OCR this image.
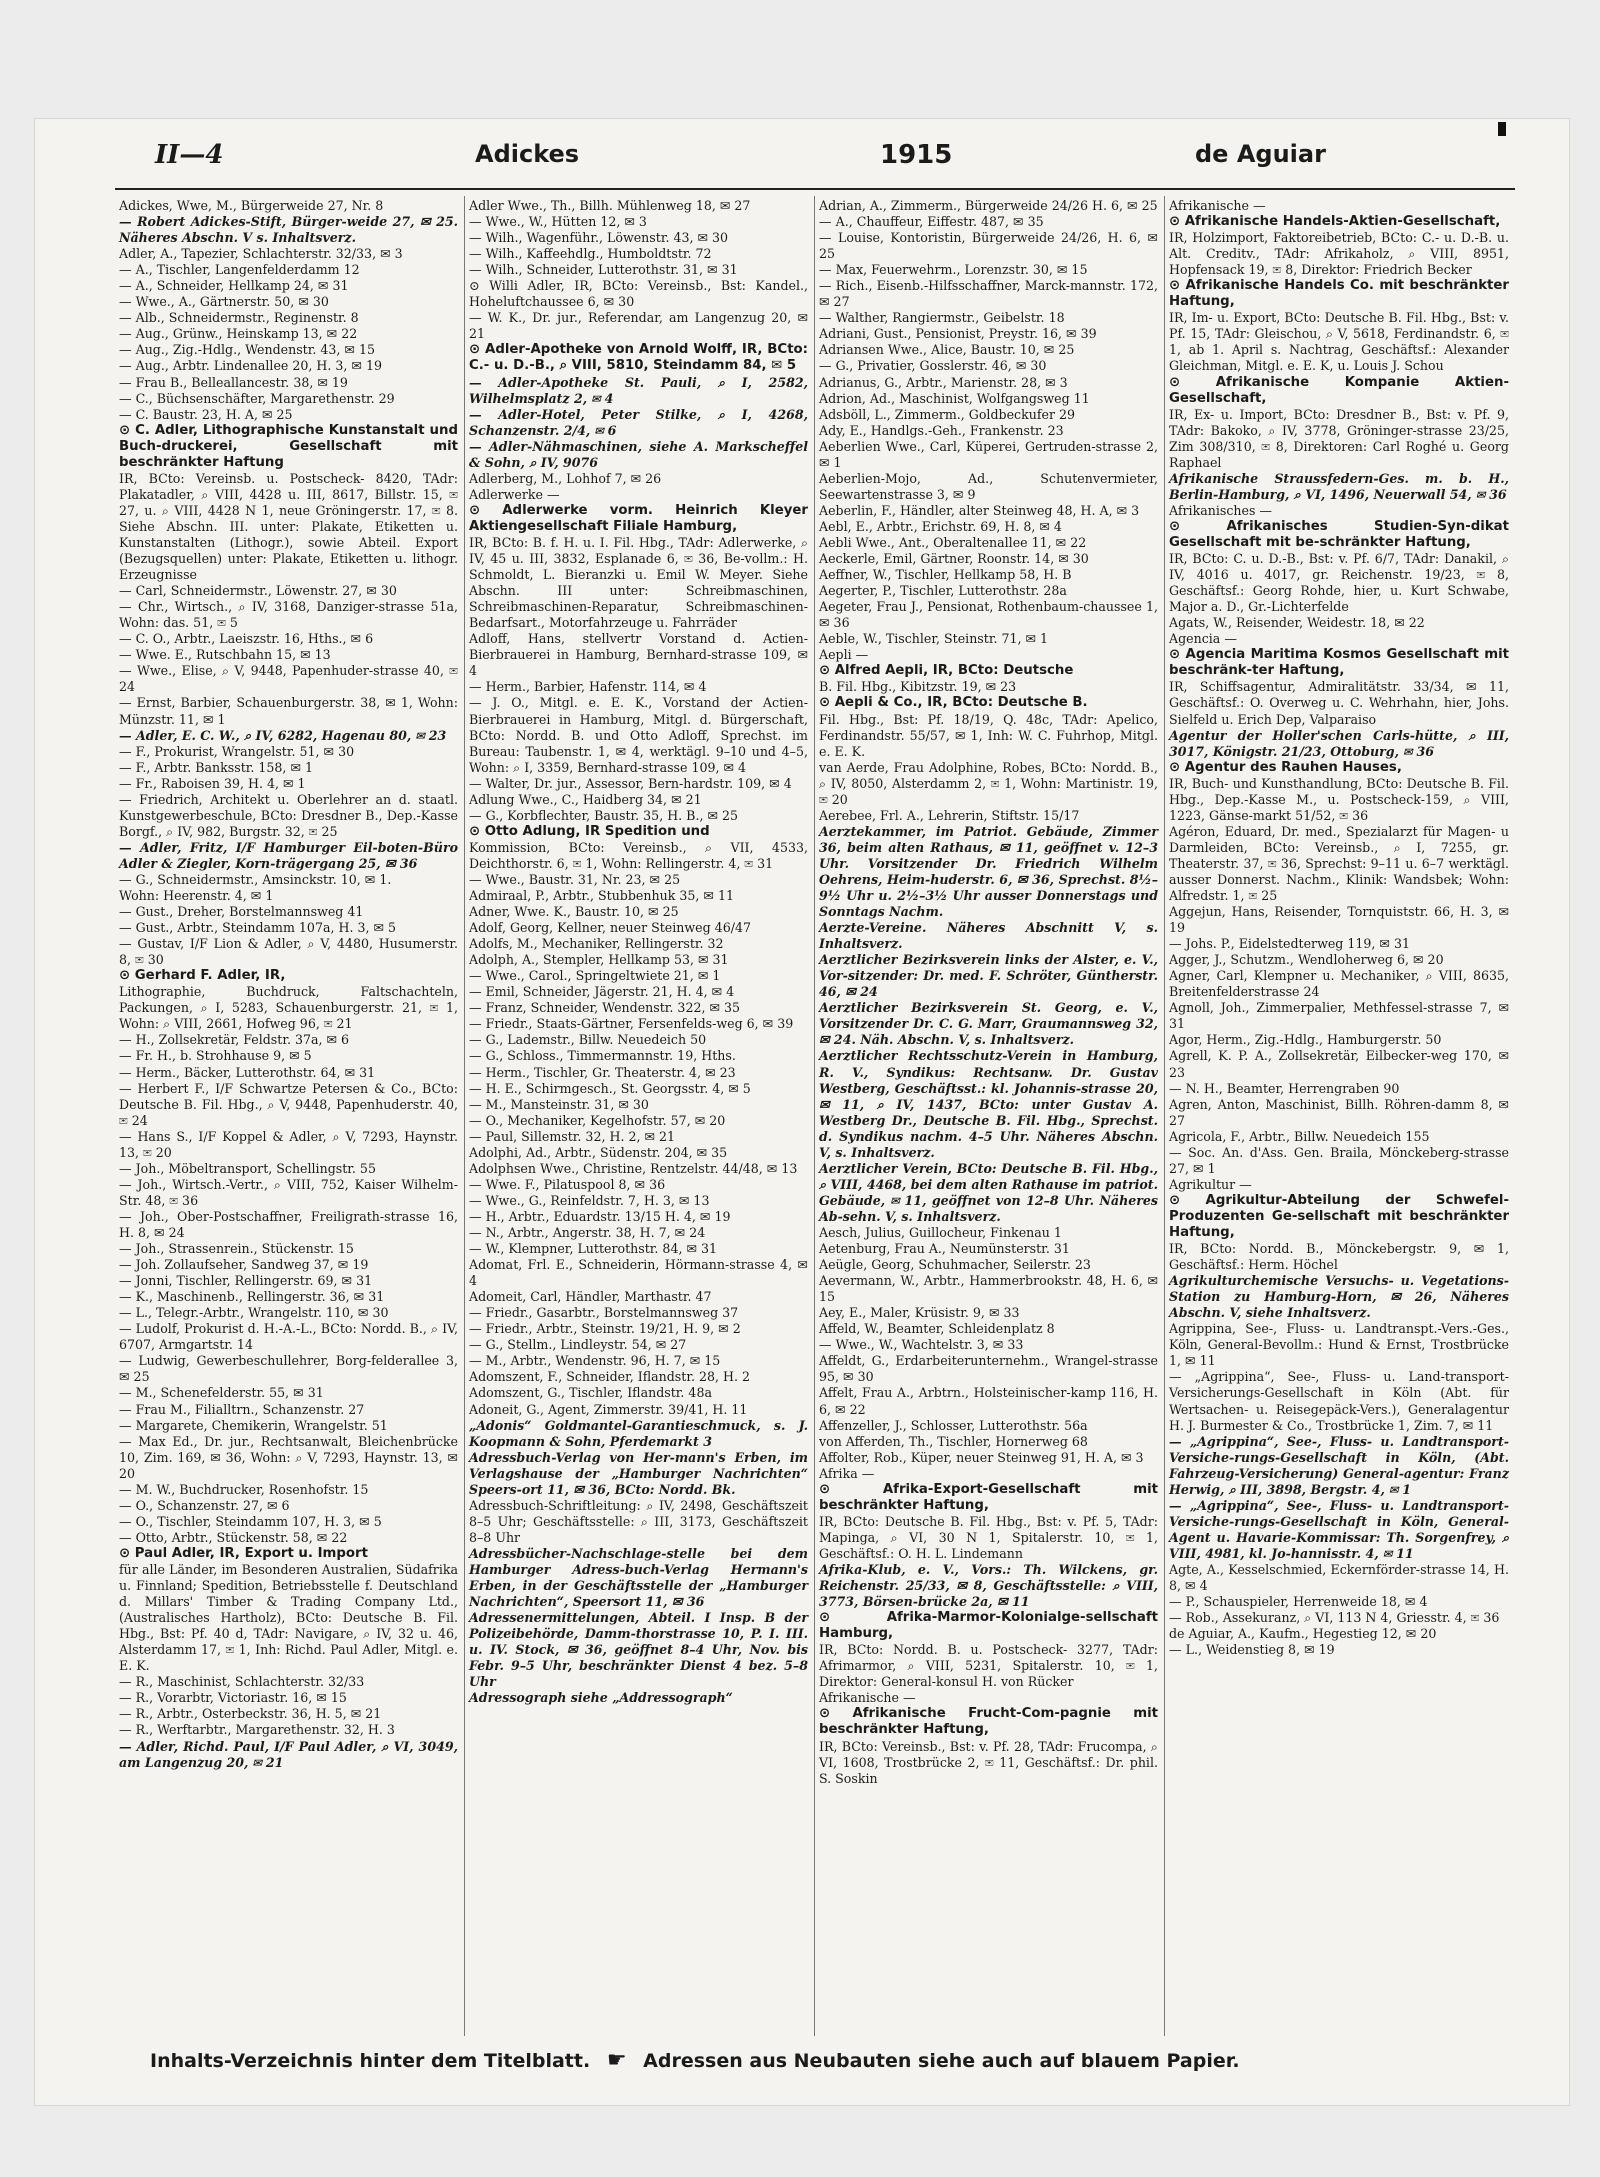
II—4	Adickes	1915	de Aguiar

Adickes, Wwe, M., Bürgerweide 27, Nr. 8

— Robert Adickes-Stift, Bürger-weide 27, ✉ 25. Näheres Abschn. V s. Inhaltsverz.

Adler, A., Tapezier, Schlachterstr. 32/33, ✉ 3

— A., Tischler, Langenfelderdamm 12

— A., Schneider, Hellkamp 24, ✉ 31

— Wwe., A., Gärtnerstr. 50, ✉ 30

— Alb., Schneidermstr., Reginenstr. 8

— Aug., Grünw., Heinskamp 13, ✉ 22

— Aug., Zig.-Hdlg., Wendenstr. 43, ✉ 15

— Aug., Arbtr. Lindenallee 20, H. 3, ✉ 19

— Frau B., Belleallancestr. 38, ✉ 19

— C., Büchsenschäfter, Margarethenstr. 29

— C. Baustr. 23, H. A, ✉ 25

⊙ C. Adler, Lithographische Kunstanstalt und Buch-druckerei, Gesellschaft mit beschränkter Haftung

IR, BCto: Vereinsb. u. Postscheck- 8420, TAdr: Plakatadler, ⌕ VIII, 4428 u. III, 8617, Billstr. 15, ✉ 27, u. ⌕ VIII, 4428 N 1, neue Gröningerstr. 17, ✉ 8. Siehe Abschn. III. unter: Plakate, Etiketten u. Kunstanstalten (Lithogr.), sowie Abteil. Export (Bezugsquellen) unter: Plakate, Etiketten u. lithogr. Erzeugnisse

— Carl, Schneidermstr., Löwenstr. 27, ✉ 30

— Chr., Wirtsch., ⌕ IV, 3168, Danziger-strasse 51a, Wohn: das. 51, ✉ 5

— C. O., Arbtr., Laeiszstr. 16, Hths., ✉ 6

— Wwe. E., Rutschbahn 15, ✉ 13

— Wwe., Elise, ⌕ V, 9448, Papenhuder-strasse 40, ✉ 24

— Ernst, Barbier, Schauenburgerstr. 38, ✉ 1, Wohn: Münzstr. 11, ✉ 1

— Adler, E. C. W., ⌕ IV, 6282, Hagenau 80, ✉ 23

— F., Prokurist, Wrangelstr. 51, ✉ 30

— F., Arbtr. Banksstr. 158, ✉ 1

— Fr., Raboisen 39, H. 4, ✉ 1

— Friedrich, Architekt u. Oberlehrer an d. staatl. Kunstgewerbeschule, BCto: Dresdner B., Dep.-Kasse Borgf., ⌕ IV, 982, Burgstr. 32, ✉ 25

— Adler, Fritz, I/F Hamburger Eil-boten-Büro Adler & Ziegler, Korn-trägergang 25, ✉ 36

— G., Schneidermstr., Amsinckstr. 10, ✉ 1.

Wohn: Heerenstr. 4, ✉ 1

— Gust., Dreher, Borstelmannsweg 41

— Gust., Arbtr., Steindamm 107a, H. 3, ✉ 5

— Gustav, I/F Lion & Adler, ⌕ V, 4480, Husumerstr. 8, ✉ 30

⊙ Gerhard F. Adler, IR,

Lithographie, Buchdruck, Faltschachteln, Packungen, ⌕ I, 5283, Schauenburgerstr. 21, ✉ 1, Wohn: ⌕ VIII, 2661, Hofweg 96, ✉ 21

— H., Zollsekretär, Feldstr. 37a, ✉ 6

— Fr. H., b. Strohhause 9, ✉ 5

— Herm., Bäcker, Lutterothstr. 64, ✉ 31

— Herbert F., I/F Schwartze Petersen & Co., BCto: Deutsche B. Fil. Hbg., ⌕ V, 9448, Papenhuderstr. 40, ✉ 24

— Hans S., I/F Koppel & Adler, ⌕ V, 7293, Haynstr. 13, ✉ 20

— Joh., Möbeltransport, Schellingstr. 55

— Joh., Wirtsch.-Vertr., ⌕ VIII, 752, Kaiser Wilhelm-Str. 48, ✉ 36

— Joh., Ober-Postschaffner, Freiligrath-strasse 16, H. 8, ✉ 24

— Joh., Strassenrein., Stückenstr. 15

— Joh. Zollaufseher, Sandweg 37, ✉ 19

— Jonni, Tischler, Rellingerstr. 69, ✉ 31

— K., Maschinenb., Rellingerstr. 36, ✉ 31

— L., Telegr.-Arbtr., Wrangelstr. 110, ✉ 30

— Ludolf, Prokurist d. H.-A.-L., BCto: Nordd. B., ⌕ IV, 6707, Armgartstr. 14

— Ludwig, Gewerbeschullehrer, Borg-felderallee 3, ✉ 25

— M., Schenefelderstr. 55, ✉ 31

— Frau M., Filialltrn., Schanzenstr. 27

— Margarete, Chemikerin, Wrangelstr. 51

— Max Ed., Dr. jur., Rechtsanwalt, Bleichenbrücke 10, Zim. 169, ✉ 36, Wohn: ⌕ V, 7293, Haynstr. 13, ✉ 20

— M. W., Buchdrucker, Rosenhofstr. 15

— O., Schanzenstr. 27, ✉ 6

— O., Tischler, Steindamm 107, H. 3, ✉ 5

— Otto, Arbtr., Stückenstr. 58, ✉ 22

⊙ Paul Adler, IR, Export u. Import

für alle Länder, im Besonderen Australien, Südafrika u. Finnland; Spedition, Betriebsstelle f. Deutschland d. Millars' Timber & Trading Company Ltd., (Australisches Hartholz), BCto: Deutsche B. Fil. Hbg., Bst: Pf. 40 d, TAdr: Navigare, ⌕ IV, 32 u. 46, Alsterdamm 17, ✉ 1, Inh: Richd. Paul Adler, Mitgl. e. E. K.

— R., Maschinist, Schlachterstr. 32/33

— R., Vorarbtr, Victoriastr. 16, ✉ 15

— R., Arbtr., Osterbeckstr. 36, H. 5, ✉ 21

— R., Werftarbtr., Margarethenstr. 32, H. 3

— Adler, Richd. Paul, I/F Paul Adler, ⌕ VI, 3049, am Langenzug 20, ✉ 21

Adler Wwe., Th., Billh. Mühlenweg 18, ✉ 27

— Wwe., W., Hütten 12, ✉ 3

— Wilh., Wagenführ., Löwenstr. 43, ✉ 30

— Wilh., Kaffeehdlg., Humboldtstr. 72

— Wilh., Schneider, Lutterothstr. 31, ✉ 31

⊙ Willi Adler, IR, BCto: Vereinsb., Bst: Kandel., Hoheluftchaussee 6, ✉ 30

— W. K., Dr. jur., Referendar, am Langenzug 20, ✉ 21

⊙ Adler-Apotheke von Arnold Wolff, IR, BCto: C.- u. D.-B., ⌕ VIII, 5810, Steindamm 84, ✉ 5

— Adler-Apotheke St. Pauli, ⌕ I, 2582, Wilhelmsplatz 2, ✉ 4

— Adler-Hotel, Peter Stilke, ⌕ I, 4268, Schanzenstr. 2/4, ✉ 6

— Adler-Nähmaschinen, siehe A. Markscheffel & Sohn, ⌕ IV, 9076

Adlerberg, M., Lohhof 7, ✉ 26

Adlerwerke —

⊙ Adlerwerke vorm. Heinrich Kleyer Aktiengesellschaft Filiale Hamburg,

IR, BCto: B. f. H. u. I. Fil. Hbg., TAdr: Adlerwerke, ⌕ IV, 45 u. III, 3832, Esplanade 6, ✉ 36, Be-vollm.: H. Schmoldt, L. Bieranzki u. Emil W. Meyer. Siehe Abschn. III unter: Schreibmaschinen, Schreibmaschinen-Reparatur, Schreibmaschinen-Bedarfsart., Motorfahrzeuge u. Fahrräder

Adloff, Hans, stellvertr Vorstand d. Actien-Bierbrauerei in Hamburg, Bernhard-strasse 109, ✉ 4

— Herm., Barbier, Hafenstr. 114, ✉ 4

— J. O., Mitgl. e. E. K., Vorstand der Actien-Bierbrauerei in Hamburg, Mitgl. d. Bürgerschaft, BCto: Nordd. B. und Otto Adloff, Sprechst. im Bureau: Taubenstr. 1, ✉ 4, werktägl. 9–10 und 4–5, Wohn: ⌕ I, 3359, Bernhard-strasse 109, ✉ 4

— Walter, Dr. jur., Assessor, Bern-hardstr. 109, ✉ 4

Adlung Wwe., C., Haidberg 34, ✉ 21

— G., Korbflechter, Baustr. 35, H. B., ✉ 25

⊙ Otto Adlung, IR Spedition und

Kommission, BCto: Vereinsb., ⌕ VII, 4533, Deichthorstr. 6, ✉ 1, Wohn: Rellingerstr. 4, ✉ 31

— Wwe., Baustr. 31, Nr. 23, ✉ 25

Admiraal, P., Arbtr., Stubbenhuk 35, ✉ 11

Adner, Wwe. K., Baustr. 10, ✉ 25

Adolf, Georg, Kellner, neuer Steinweg 46/47

Adolfs, M., Mechaniker, Rellingerstr. 32

Adolph, A., Stempler, Hellkamp 53, ✉ 31

— Wwe., Carol., Springeltwiete 21, ✉ 1

— Emil, Schneider, Jägerstr. 21, H. 4, ✉ 4

— Franz, Schneider, Wendenstr. 322, ✉ 35

— Friedr., Staats-Gärtner, Fersenfelds-weg 6, ✉ 39

— G., Lademstr., Billw. Neuedeich 50

— G., Schloss., Timmermannstr. 19, Hths.

— Herm., Tischler, Gr. Theaterstr. 4, ✉ 23

— H. E., Schirmgesch., St. Georgsstr. 4, ✉ 5

— M., Mansteinstr. 31, ✉ 30

— O., Mechaniker, Kegelhofstr. 57, ✉ 20

— Paul, Sillemstr. 32, H. 2, ✉ 21

Adolphi, Ad., Arbtr., Südenstr. 204, ✉ 35

Adolphsen Wwe., Christine, Rentzelstr. 44/48, ✉ 13

— Wwe. F., Pilatuspool 8, ✉ 36

— Wwe., G., Reinfeldstr. 7, H. 3, ✉ 13

— H., Arbtr., Eduardstr. 13/15 H. 4, ✉ 19

— N., Arbtr., Angerstr. 38, H. 7, ✉ 24

— W., Klempner, Lutterothstr. 84, ✉ 31

Adomat, Frl. E., Schneiderin, Hörmann-strasse 4, ✉ 4

Adomeit, Carl, Händler, Marthastr. 47

— Friedr., Gasarbtr., Borstelmannsweg 37

— Friedr., Arbtr., Steinstr. 19/21, H. 9, ✉ 2

— G., Stellm., Lindleystr. 54, ✉ 27

— M., Arbtr., Wendenstr. 96, H. 7, ✉ 15

Adomszent, F., Schneider, Iflandstr. 28, H. 2

Adomszent, G., Tischler, Iflandstr. 48a

Adoneit, G., Agent, Zimmerstr. 39/41, H. 11

„Adonis“ Goldmantel-Garantieschmuck, s. J. Koopmann & Sohn, Pferdemarkt 3

Adressbuch-Verlag von Her-mann's Erben, im Verlagshause der „Hamburger Nachrichten“ Speers-ort 11, ✉ 36, BCto: Nordd. Bk.

Adressbuch-Schriftleitung: ⌕ IV, 2498, Geschäftszeit 8–5 Uhr; Geschäftsstelle: ⌕ III, 3173, Geschäftszeit 8–8 Uhr

Adressbücher-Nachschlage-stelle bei dem Hamburger Adress-buch-Verlag Hermann's Erben, in der Geschäftsstelle der „Hamburger Nachrichten“, Speersort 11, ✉ 36

Adressenermittelungen, Abteil. I Insp. B der Polizeibehörde, Damm-thorstrasse 10, P. I. III. u. IV. Stock, ✉ 36, geöffnet 8–4 Uhr, Nov. bis Febr. 9–5 Uhr, beschränkter Dienst 4 bez. 5–8 Uhr

Adressograph siehe „Addressograph“

Adrian, A., Zimmerm., Bürgerweide 24/26 H. 6, ✉ 25

— A., Chauffeur, Eiffestr. 487, ✉ 35

— Louise, Kontoristin, Bürgerweide 24/26, H. 6, ✉ 25

— Max, Feuerwehrm., Lorenzstr. 30, ✉ 15

— Rich., Eisenb.-Hilfsschaffner, Marck-mannstr. 172, ✉ 27

— Walther, Rangiermstr., Geibelstr. 18

Adriani, Gust., Pensionist, Preystr. 16, ✉ 39

Adriansen Wwe., Alice, Baustr. 10, ✉ 25

— G., Privatier, Gosslerstr. 46, ✉ 30

Adrianus, G., Arbtr., Marienstr. 28, ✉ 3

Adrion, Ad., Maschinist, Wolfgangsweg 11

Adsböll, L., Zimmerm., Goldbeckufer 29

Ady, E., Handlgs.-Geh., Frankenstr. 23

Aeberlien Wwe., Carl, Küperei, Gertruden-strasse 2, ✉ 1

Aeberlien-Mojo, Ad., Schutenvermieter, Seewartenstrasse 3, ✉ 9

Aeberlin, F., Händler, alter Steinweg 48, H. A, ✉ 3

Aebl, E., Arbtr., Erichstr. 69, H. 8, ✉ 4

Aebli Wwe., Ant., Oberaltenallee 11, ✉ 22

Aeckerle, Emil, Gärtner, Roonstr. 14, ✉ 30

Aeffner, W., Tischler, Hellkamp 58, H. B

Aegerter, P., Tischler, Lutterothstr. 28a

Aegeter, Frau J., Pensionat, Rothenbaum-chaussee 1, ✉ 36

Aeble, W., Tischler, Steinstr. 71, ✉ 1

Aepli —

⊙ Alfred Aepli, IR, BCto: Deutsche

B. Fil. Hbg., Kibitzstr. 19, ✉ 23

⊙ Aepli & Co., IR, BCto: Deutsche B.

Fil. Hbg., Bst: Pf. 18/19, Q. 48c, TAdr: Apelico, Ferdinandstr. 55/57, ✉ 1, Inh: W. C. Fuhrhop, Mitgl. e. E. K.

van Aerde, Frau Adolphine, Robes, BCto: Nordd. B., ⌕ IV, 8050, Alsterdamm 2, ✉ 1, Wohn: Martinistr. 19, ✉ 20

Aerebee, Frl. A., Lehrerin, Stiftstr. 15/17

Aerztekammer, im Patriot. Gebäude, Zimmer 36, beim alten Rathaus, ✉ 11, geöffnet v. 12–3 Uhr. Vorsitzender Dr. Friedrich Wilhelm Oehrens, Heim-huderstr. 6, ✉ 36, Sprechst. 8½–9½ Uhr u. 2½–3½ Uhr ausser Donnerstags und Sonntags Nachm.

Aerzte-Vereine. Näheres Abschnitt V, s. Inhaltsverz.

Aerztlicher Bezirksverein links der Alster, e. V., Vor-sitzender: Dr. med. F. Schröter, Güntherstr. 46, ✉ 24

Aerztlicher Bezirksverein St. Georg, e. V., Vorsitzender Dr. C. G. Marr, Graumannsweg 32, ✉ 24. Näh. Abschn. V, s. Inhaltsverz.

Aerztlicher Rechtsschutz-Verein in Hamburg, R. V., Syndikus: Rechtsanw. Dr. Gustav Westberg, Geschäftsst.: kl. Johannis-strasse 20, ✉ 11, ⌕ IV, 1437, BCto: unter Gustav A. Westberg Dr., Deutsche B. Fil. Hbg., Sprechst. d. Syndikus nachm. 4–5 Uhr. Näheres Abschn. V, s. Inhaltsverz.

Aerztlicher Verein, BCto: Deutsche B. Fil. Hbg., ⌕ VIII, 4468, bei dem alten Rathause im patriot. Gebäude, ✉ 11, geöffnet von 12–8 Uhr. Näheres Ab-sehn. V, s. Inhaltsverz.

Aesch, Julius, Guillocheur, Finkenau 1

Aetenburg, Frau A., Neumünsterstr. 31

Aeügle, Georg, Schuhmacher, Seilerstr. 23

Aevermann, W., Arbtr., Hammerbrookstr. 48, H. 6, ✉ 15

Aey, E., Maler, Krüsistr. 9, ✉ 33

Affeld, W., Beamter, Schleidenplatz 8

— Wwe., W., Wachtelstr. 3, ✉ 33

Affeldt, G., Erdarbeiterunternehm., Wrangel-strasse 95, ✉ 30

Affelt, Frau A., Arbtrn., Holsteinischer-kamp 116, H. 6, ✉ 22

Affenzeller, J., Schlosser, Lutterothstr. 56a

von Afferden, Th., Tischler, Hornerweg 68

Affolter, Rob., Küper, neuer Steinweg 91, H. A, ✉ 3

Afrika —

⊙ Afrika-Export-Gesellschaft mit beschränkter Haftung,

IR, BCto: Deutsche B. Fil. Hbg., Bst: v. Pf. 5, TAdr: Mapinga, ⌕ VI, 30 N 1, Spitalerstr. 10, ✉ 1, Geschäftsf.: O. H. L. Lindemann

Afrika-Klub, e. V., Vors.: Th. Wilckens, gr. Reichenstr. 25/33, ✉ 8, Geschäftsstelle: ⌕ VIII, 3773, Börsen-brücke 2a, ✉ 11

⊙ Afrika-Marmor-Kolonialge-sellschaft Hamburg,

IR, BCto: Nordd. B. u. Postscheck- 3277, TAdr: Afrimarmor, ⌕ VIII, 5231, Spitalerstr. 10, ✉ 1, Direktor: General-konsul H. von Rücker

Afrikanische —

⊙ Afrikanische Frucht-Com-pagnie mit beschränkter Haftung,

IR, BCto: Vereinsb., Bst: v. Pf. 28, TAdr: Frucompa, ⌕ VI, 1608, Trostbrücke 2, ✉ 11, Geschäftsf.: Dr. phil. S. Soskin

Afrikanische —

⊙ Afrikanische Handels-Aktien-Gesellschaft,

IR, Holzimport, Faktoreibetrieb, BCto: C.- u. D.-B. u. Alt. Creditv., TAdr: Afrikaholz, ⌕ VIII, 8951, Hopfensack 19, ✉ 8, Direktor: Friedrich Becker

⊙ Afrikanische Handels Co. mit beschränkter Haftung,

IR, Im- u. Export, BCto: Deutsche B. Fil. Hbg., Bst: v. Pf. 15, TAdr: Gleischou, ⌕ V, 5618, Ferdinandstr. 6, ✉ 1, ab 1. April s. Nachtrag, Geschäftsf.: Alexander Gleichman, Mitgl. e. E. K, u. Louis J. Schou

⊙ Afrikanische Kompanie Aktien-Gesellschaft,

IR, Ex- u. Import, BCto: Dresdner B., Bst: v. Pf. 9, TAdr: Bakoko, ⌕ IV, 3778, Gröninger-strasse 23/25, Zim 308/310, ✉ 8, Direktoren: Carl Roghé u. Georg Raphael

Afrikanische Straussfedern-Ges. m. b. H., Berlin-Hamburg, ⌕ VI, 1496, Neuerwall 54, ✉ 36

Afrikanisches —

⊙ Afrikanisches Studien-Syn-dikat Gesellschaft mit be-schränkter Haftung,

IR, BCto: C. u. D.-B., Bst: v. Pf. 6/7, TAdr: Danakil, ⌕ IV, 4016 u. 4017, gr. Reichenstr. 19/23, ✉ 8, Geschäftsf.: Georg Rohde, hier, u. Kurt Schwabe, Major a. D., Gr.-Lichterfelde

Agats, W., Reisender, Weidestr. 18, ✉ 22

Agencia —

⊙ Agencia Maritima Kosmos Gesellschaft mit beschränk-ter Haftung,

IR, Schiffsagentur, Admiralitätstr. 33/34, ✉ 11, Geschäftsf.: O. Overweg u. C. Wehrhahn, hier, Johs. Sielfeld u. Erich Dep, Valparaiso

Agentur der Holler'schen Carls-hütte, ⌕ III, 3017, Königstr. 21/23, Ottoburg, ✉ 36

⊙ Agentur des Rauhen Hauses,

IR, Buch- und Kunsthandlung, BCto: Deutsche B. Fil. Hbg., Dep.-Kasse M., u. Postscheck-159, ⌕ VIII, 1223, Gänse-markt 51/52, ✉ 36

Agéron, Eduard, Dr. med., Spezialarzt für Magen- u Darmleiden, BCto: Vereinsb., ⌕ I, 7255, gr. Theaterstr. 37, ✉ 36, Sprechst: 9–11 u. 6–7 werktägl. ausser Donnerst. Nachm., Klinik: Wandsbek; Wohn: Alfredstr. 1, ✉ 25

Aggejun, Hans, Reisender, Tornquiststr. 66, H. 3, ✉ 19

— Johs. P., Eidelstedterweg 119, ✉ 31

Agger, J., Schutzm., Wendloherweg 6, ✉ 20

Agner, Carl, Klempner u. Mechaniker, ⌕ VIII, 8635, Breitenfelderstrasse 24

Agnoll, Joh., Zimmerpalier, Methfessel-strasse 7, ✉ 31

Agor, Herm., Zig.-Hdlg., Hamburgerstr. 50

Agrell, K. P. A., Zollsekretär, Eilbecker-weg 170, ✉ 23

— N. H., Beamter, Herrengraben 90

Agren, Anton, Maschinist, Billh. Röhren-damm 8, ✉ 27

Agricola, F., Arbtr., Billw. Neuedeich 155

— Soc. An. d'Ass. Gen. Braila, Mönckeberg-strasse 27, ✉ 1

Agrikultur —

⊙ Agrikultur-Abteilung der Schwefel-Produzenten Ge-sellschaft mit beschränkter Haftung,

IR, BCto: Nordd. B., Mönckebergstr. 9, ✉ 1, Geschäftsf.: Herm. Höchel

Agrikulturchemische Versuchs- u. Vegetations-Station zu Hamburg-Horn, ✉ 26, Näheres Abschn. V, siehe Inhaltsverz.

Agrippina, See-, Fluss- u. Landtranspt.-Vers.-Ges., Köln, General-Bevollm.: Hund & Ernst, Trostbrücke 1, ✉ 11

— „Agrippina“, See-, Fluss- u. Land-transport-Versicherungs-Gesellschaft in Köln (Abt. für Wertsachen- u. Reisegepäck-Vers.), Generalagentur H. J. Burmester & Co., Trostbrücke 1, Zim. 7, ✉ 11

— „Agrippina“, See-, Fluss- u. Landtransport-Versiche-rungs-Gesellschaft in Köln, (Abt. Fahrzeug-Versicherung) General-agentur: Franz Herwig, ⌕ III, 3898, Bergstr. 4, ✉ 1

— „Agrippina“, See-, Fluss- u. Landtransport-Versiche-rungs-Gesellschaft in Köln, General-Agent u. Havarie-Kommissar: Th. Sorgenfrey, ⌕ VIII, 4981, kl. Jo-hannisstr. 4, ✉ 11

Agte, A., Kesselschmied, Eckernförder-strasse 14, H. 8, ✉ 4

— P., Schauspieler, Herrenweide 18, ✉ 4

— Rob., Assekuranz, ⌕ VI, 113 N 4, Griesstr. 4, ✉ 36

de Aguiar, A., Kaufm., Hegestieg 12, ✉ 20

— L., Weidenstieg 8, ✉ 19

Inhalts-Verzeichnis hinter dem Titelblatt. ☛ Adressen aus Neubauten siehe auch auf blauem Papier.
